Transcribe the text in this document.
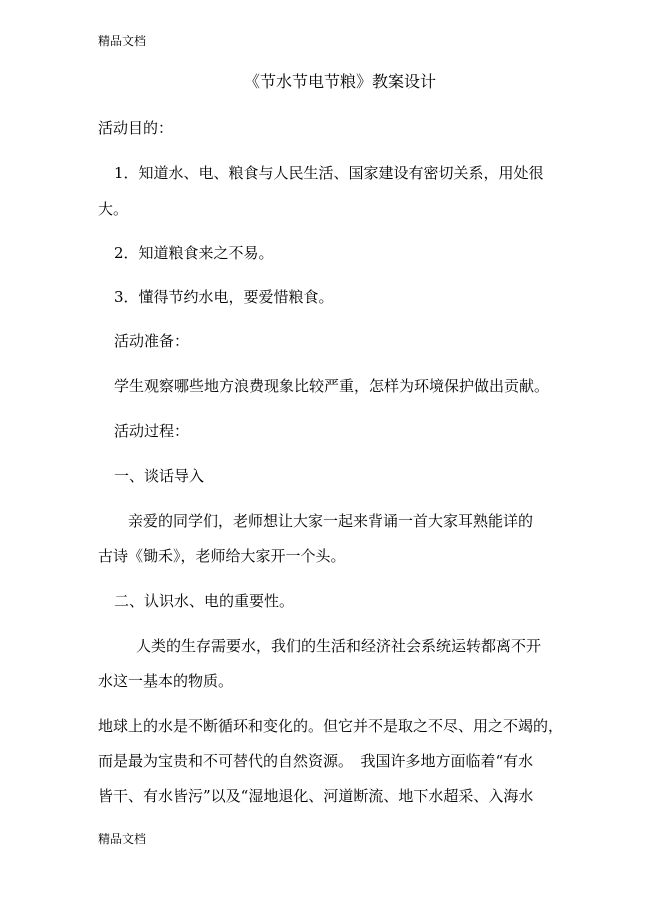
精品文档
《节水节电节粮》教案设计
活动目的：
1．知道水、电、粮食与人民生活、国家建设有密切关系，用处很
大。
2．知道粮食来之不易。
3．懂得节约水电，要爱惜粮食。
活动准备：
学生观察哪些地方浪费现象比较严重，怎样为环境保护做出贡献。
活动过程：
一、谈话导入
亲爱的同学们，老师想让大家一起来背诵一首大家耳熟能详的
古诗《锄禾》，老师给大家开一个头。
二、认识水、电的重要性。
人类的生存需要水，我们的生活和经济社会系统运转都离不开
水这一基本的物质。
地球上的水是不断循环和变化的。但它并不是取之不尽、用之不竭的，
而是最为宝贵和不可替代的自然资源。　我国许多地方面临着“有水
皆干、有水皆污”以及“湿地退化、河道断流、地下水超采、入海水
精品文档
